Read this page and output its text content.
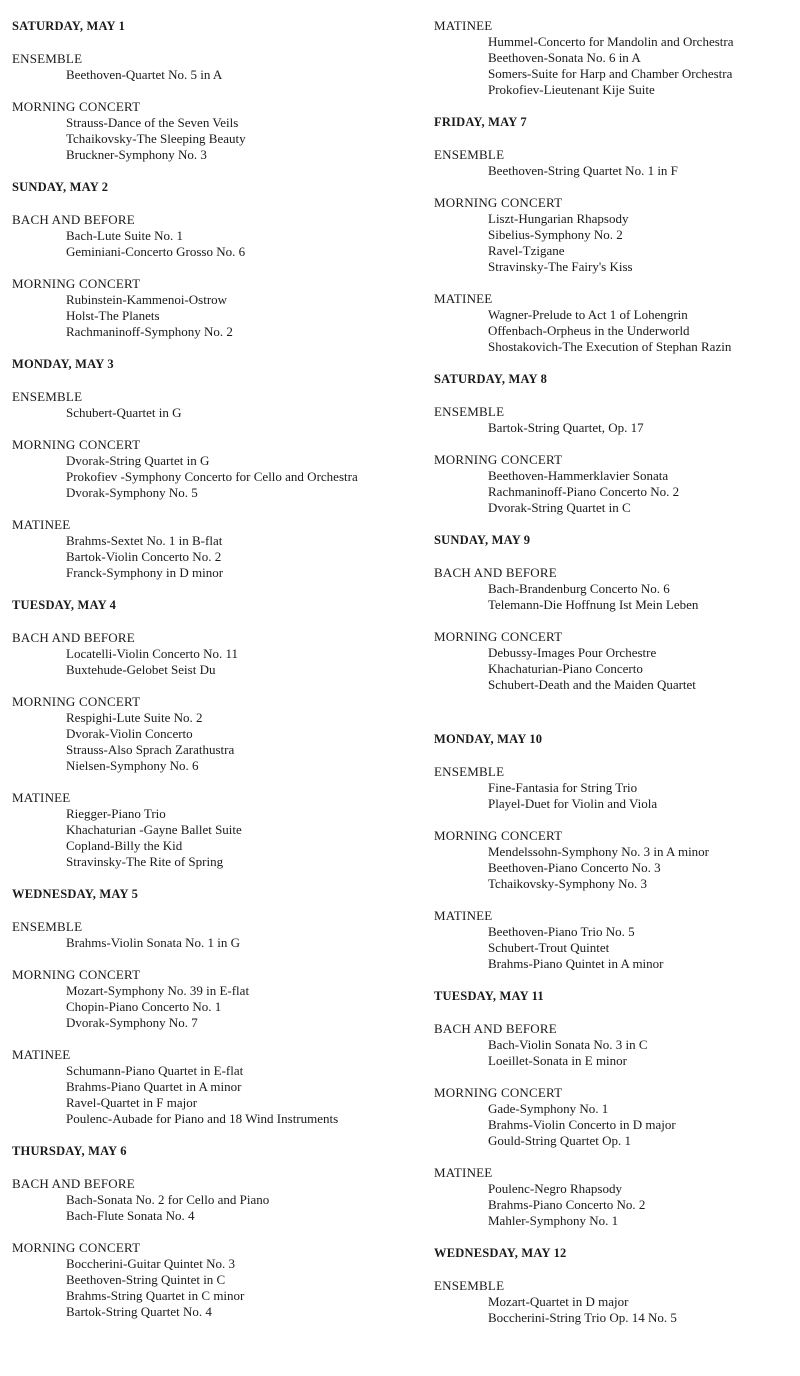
SATURDAY, MAY 1
ENSEMBLE
Beethoven-Quartet No. 5 in A
MORNING CONCERT
Strauss-Dance of the Seven Veils
Tchaikovsky-The Sleeping Beauty
Bruckner-Symphony No. 3
SUNDAY, MAY 2
BACH AND BEFORE
Bach-Lute Suite No. 1
Geminiani-Concerto Grosso No. 6
MORNING CONCERT
Rubinstein-Kammenoi-Ostrow
Holst-The Planets
Rachmaninoff-Symphony No. 2
MONDAY, MAY 3
ENSEMBLE
Schubert-Quartet in G
MORNING CONCERT
Dvorak-String Quartet in G
Prokofiev -Symphony Concerto for Cello and Orchestra
Dvorak-Symphony No. 5
MATINEE
Brahms-Sextet No. 1 in B-flat
Bartok-Violin Concerto No. 2
Franck-Symphony in D minor
TUESDAY, MAY 4
BACH AND BEFORE
Locatelli-Violin Concerto No. 11
Buxtehude-Gelobet Seist Du
MORNING CONCERT
Respighi-Lute Suite No. 2
Dvorak-Violin Concerto
Strauss-Also Sprach Zarathustra
Nielsen-Symphony No. 6
MATINEE
Riegger-Piano Trio
Khachaturian -Gayne Ballet Suite
Copland-Billy the Kid
Stravinsky-The Rite of Spring
WEDNESDAY, MAY 5
ENSEMBLE
Brahms-Violin Sonata No. 1 in G
MORNING CONCERT
Mozart-Symphony No. 39 in E-flat
Chopin-Piano Concerto No. 1
Dvorak-Symphony No. 7
MATINEE
Schumann-Piano Quartet in E-flat
Brahms-Piano Quartet in A minor
Ravel-Quartet in F major
Poulenc-Aubade for Piano and 18 Wind Instruments
THURSDAY, MAY 6
BACH AND BEFORE
Bach-Sonata No. 2 for Cello and Piano
Bach-Flute Sonata No. 4
MORNING CONCERT
Boccherini-Guitar Quintet No. 3
Beethoven-String Quintet in C
Brahms-String Quartet in C minor
Bartok-String Quartet No. 4
MATINEE
Hummel-Concerto for Mandolin and Orchestra
Beethoven-Sonata No. 6 in A
Somers-Suite for Harp and Chamber Orchestra
Prokofiev-Lieutenant Kije Suite
FRIDAY, MAY 7
ENSEMBLE
Beethoven-String Quartet No. 1 in F
MORNING CONCERT
Liszt-Hungarian Rhapsody
Sibelius-Symphony No. 2
Ravel-Tzigane
Stravinsky-The Fairy's Kiss
MATINEE
Wagner-Prelude to Act 1 of Lohengrin
Offenbach-Orpheus in the Underworld
Shostakovich-The Execution of Stephan Razin
SATURDAY, MAY 8
ENSEMBLE
Bartok-String Quartet, Op. 17
MORNING CONCERT
Beethoven-Hammerklavier Sonata
Rachmaninoff-Piano Concerto No. 2
Dvorak-String Quartet in C
SUNDAY, MAY 9
BACH AND BEFORE
Bach-Brandenburg Concerto No. 6
Telemann-Die Hoffnung Ist Mein Leben
MORNING CONCERT
Debussy-Images Pour Orchestre
Khachaturian-Piano Concerto
Schubert-Death and the Maiden Quartet
MONDAY, MAY 10
ENSEMBLE
Fine-Fantasia for String Trio
Playel-Duet for Violin and Viola
MORNING CONCERT
Mendelssohn-Symphony No. 3 in A minor
Beethoven-Piano Concerto No. 3
Tchaikovsky-Symphony No. 3
MATINEE
Beethoven-Piano Trio No. 5
Schubert-Trout Quintet
Brahms-Piano Quintet in A minor
TUESDAY, MAY 11
BACH AND BEFORE
Bach-Violin Sonata No. 3 in C
Loeillet-Sonata in E minor
MORNING CONCERT
Gade-Symphony No. 1
Brahms-Violin Concerto in D major
Gould-String Quartet Op. 1
MATINEE
Poulenc-Negro Rhapsody
Brahms-Piano Concerto No. 2
Mahler-Symphony No. 1
WEDNESDAY, MAY 12
ENSEMBLE
Mozart-Quartet in D major
Boccherini-String Trio Op. 14 No. 5
